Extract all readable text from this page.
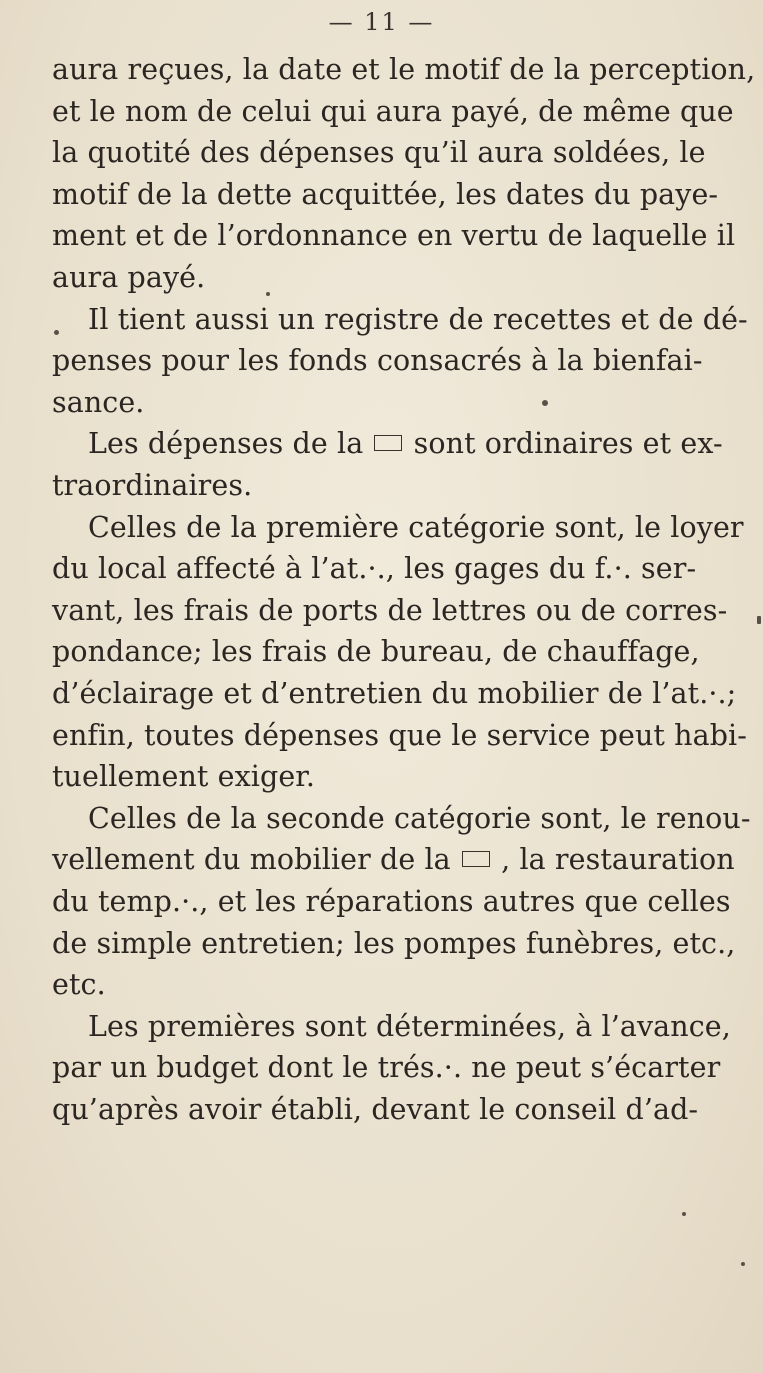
— 11 —
aura reçues, la date et le motif de la perception,
et le nom de celui qui aura payé, de même que
la quotité des dépenses qu’il aura soldées, le
motif de la dette acquittée, les dates du paye-
ment et de l’ordonnance en vertu de laquelle il
aura payé.
Il tient aussi un registre de recettes et de dé-
penses pour les fonds consacrés à la bienfai-
sance.
Les dépenses de la sont ordinaires et ex-
traordinaires.
Celles de la première catégorie sont, le loyer
du local affecté à l’at.·., les gages du f.·. ser-
vant, les frais de ports de lettres ou de corres-
pondance; les frais de bureau, de chauffage,
d’éclairage et d’entretien du mobilier de l’at.·.;
enfin, toutes dépenses que le service peut habi-
tuellement exiger.
Celles de la seconde catégorie sont, le renou-
vellement du mobilier de la , la restauration
du temp.·., et les réparations autres que celles
de simple entretien; les pompes funèbres, etc.,
etc.
Les premières sont déterminées, à l’avance,
par un budget dont le trés.·. ne peut s’écarter
qu’après avoir établi, devant le conseil d’ad-
